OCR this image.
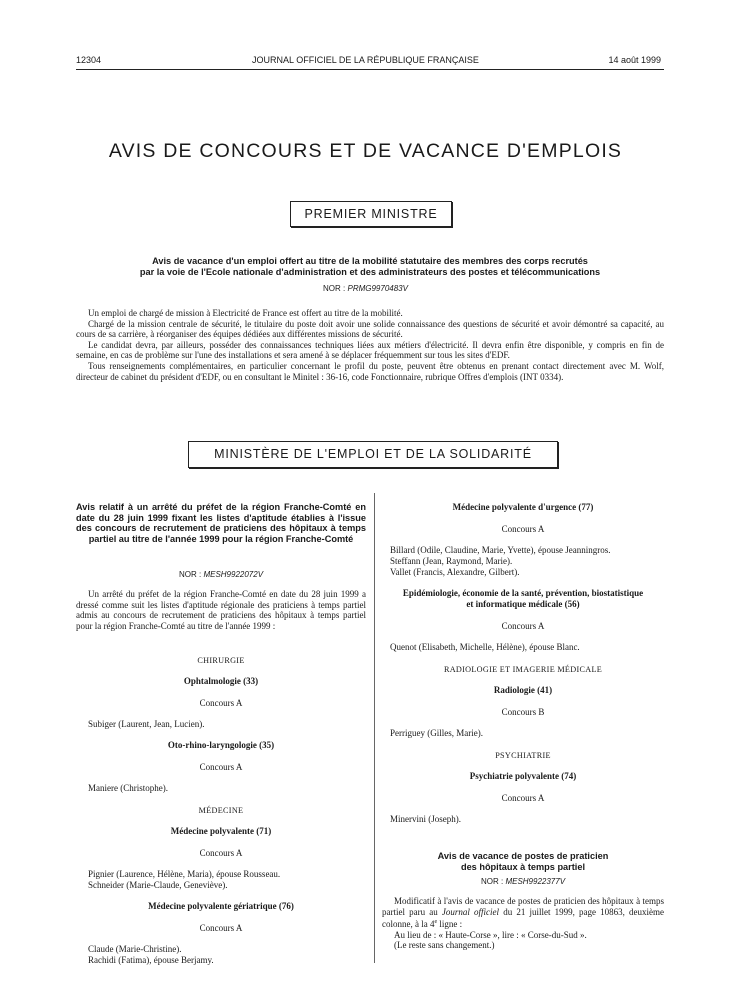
12304	JOURNAL OFFICIEL DE LA RÉPUBLIQUE FRANÇAISE	14 août 1999
AVIS DE CONCOURS ET DE VACANCE D'EMPLOIS
PREMIER MINISTRE
Avis de vacance d'un emploi offert au titre de la mobilité statutaire des membres des corps recrutés
par la voie de l'Ecole nationale d'administration et des administrateurs des postes et télécommunications
NOR : PRMG9970483V

Un emploi de chargé de mission à Electricité de France est offert au titre de la mobilité.

Chargé de la mission centrale de sécurité, le titulaire du poste doit avoir une solide connaissance des questions de sécurité et avoir démontré sa capacité, au cours de sa carrière, à réorganiser des équipes dédiées aux différentes missions de sécurité.

Le candidat devra, par ailleurs, posséder des connaissances techniques liées aux métiers d'électricité. Il devra enfin être disponible, y compris en fin de semaine, en cas de problème sur l'une des installations et sera amené à se déplacer fréquemment sur tous les sites d'EDF.

Tous renseignements complémentaires, en particulier concernant le profil du poste, peuvent être obtenus en prenant contact directement avec M. Wolf, directeur de cabinet du président d'EDF, ou en consultant le Minitel : 36-16, code Fonctionnaire, rubrique Offres d'emplois (INT 0334).

MINISTÈRE DE L'EMPLOI ET DE LA SOLIDARITÉ
Avis relatif à un arrêté du préfet de la région Franche-Comté en date du 28 juin 1999 fixant les listes d'aptitude établies à l'issue des concours de recrutement de praticiens des hôpitaux à temps partiel au titre de l'année 1999 pour la région Franche-Comté
NOR : MESH9922072V

Un arrêté du préfet de la région Franche-Comté en date du 28 juin 1999 a dressé comme suit les listes d'aptitude régionale des praticiens à temps partiel admis au concours de recrutement de praticiens des hôpitaux à temps partiel pour la région Franche-Comté au titre de l'année 1999 :

CHIRURGIE
Ophtalmologie (33)
Concours A
Subiger (Laurent, Jean, Lucien).
Oto-rhino-laryngologie (35)
Concours A
Maniere (Christophe).
MÉDECINE
Médecine polyvalente (71)
Concours A
Pignier (Laurence, Hélène, Maria), épouse Rousseau.
Schneider (Marie-Claude, Geneviève).
Médecine polyvalente gériatrique (76)
Concours A
Claude (Marie-Christine).
Rachidi (Fatima), épouse Berjamy.
Médecine polyvalente d'urgence (77)
Concours A
Billard (Odile, Claudine, Marie, Yvette), épouse Jeanningros.
Steffann (Jean, Raymond, Marie).
Vallet (Francis, Alexandre, Gilbert).
Epidémiologie, économie de la santé, prévention, biostatistique
et informatique médicale (56)
Concours A
Quenot (Elisabeth, Michelle, Hélène), épouse Blanc.
RADIOLOGIE ET IMAGERIE MÉDICALE
Radiologie (41)
Concours B
Perriguey (Gilles, Marie).
PSYCHIATRIE
Psychiatrie polyvalente (74)
Concours A
Minervini (Joseph).
Avis de vacance de postes de praticien
des hôpitaux à temps partiel
NOR : MESH9922377V

Modificatif à l'avis de vacance de postes de praticien des hôpitaux à temps partiel paru au Journal officiel du 21 juillet 1999, page 10863, deuxième colonne, à la 4e ligne :

Au lieu de : « Haute-Corse », lire : « Corse-du-Sud ».

(Le reste sans changement.)
